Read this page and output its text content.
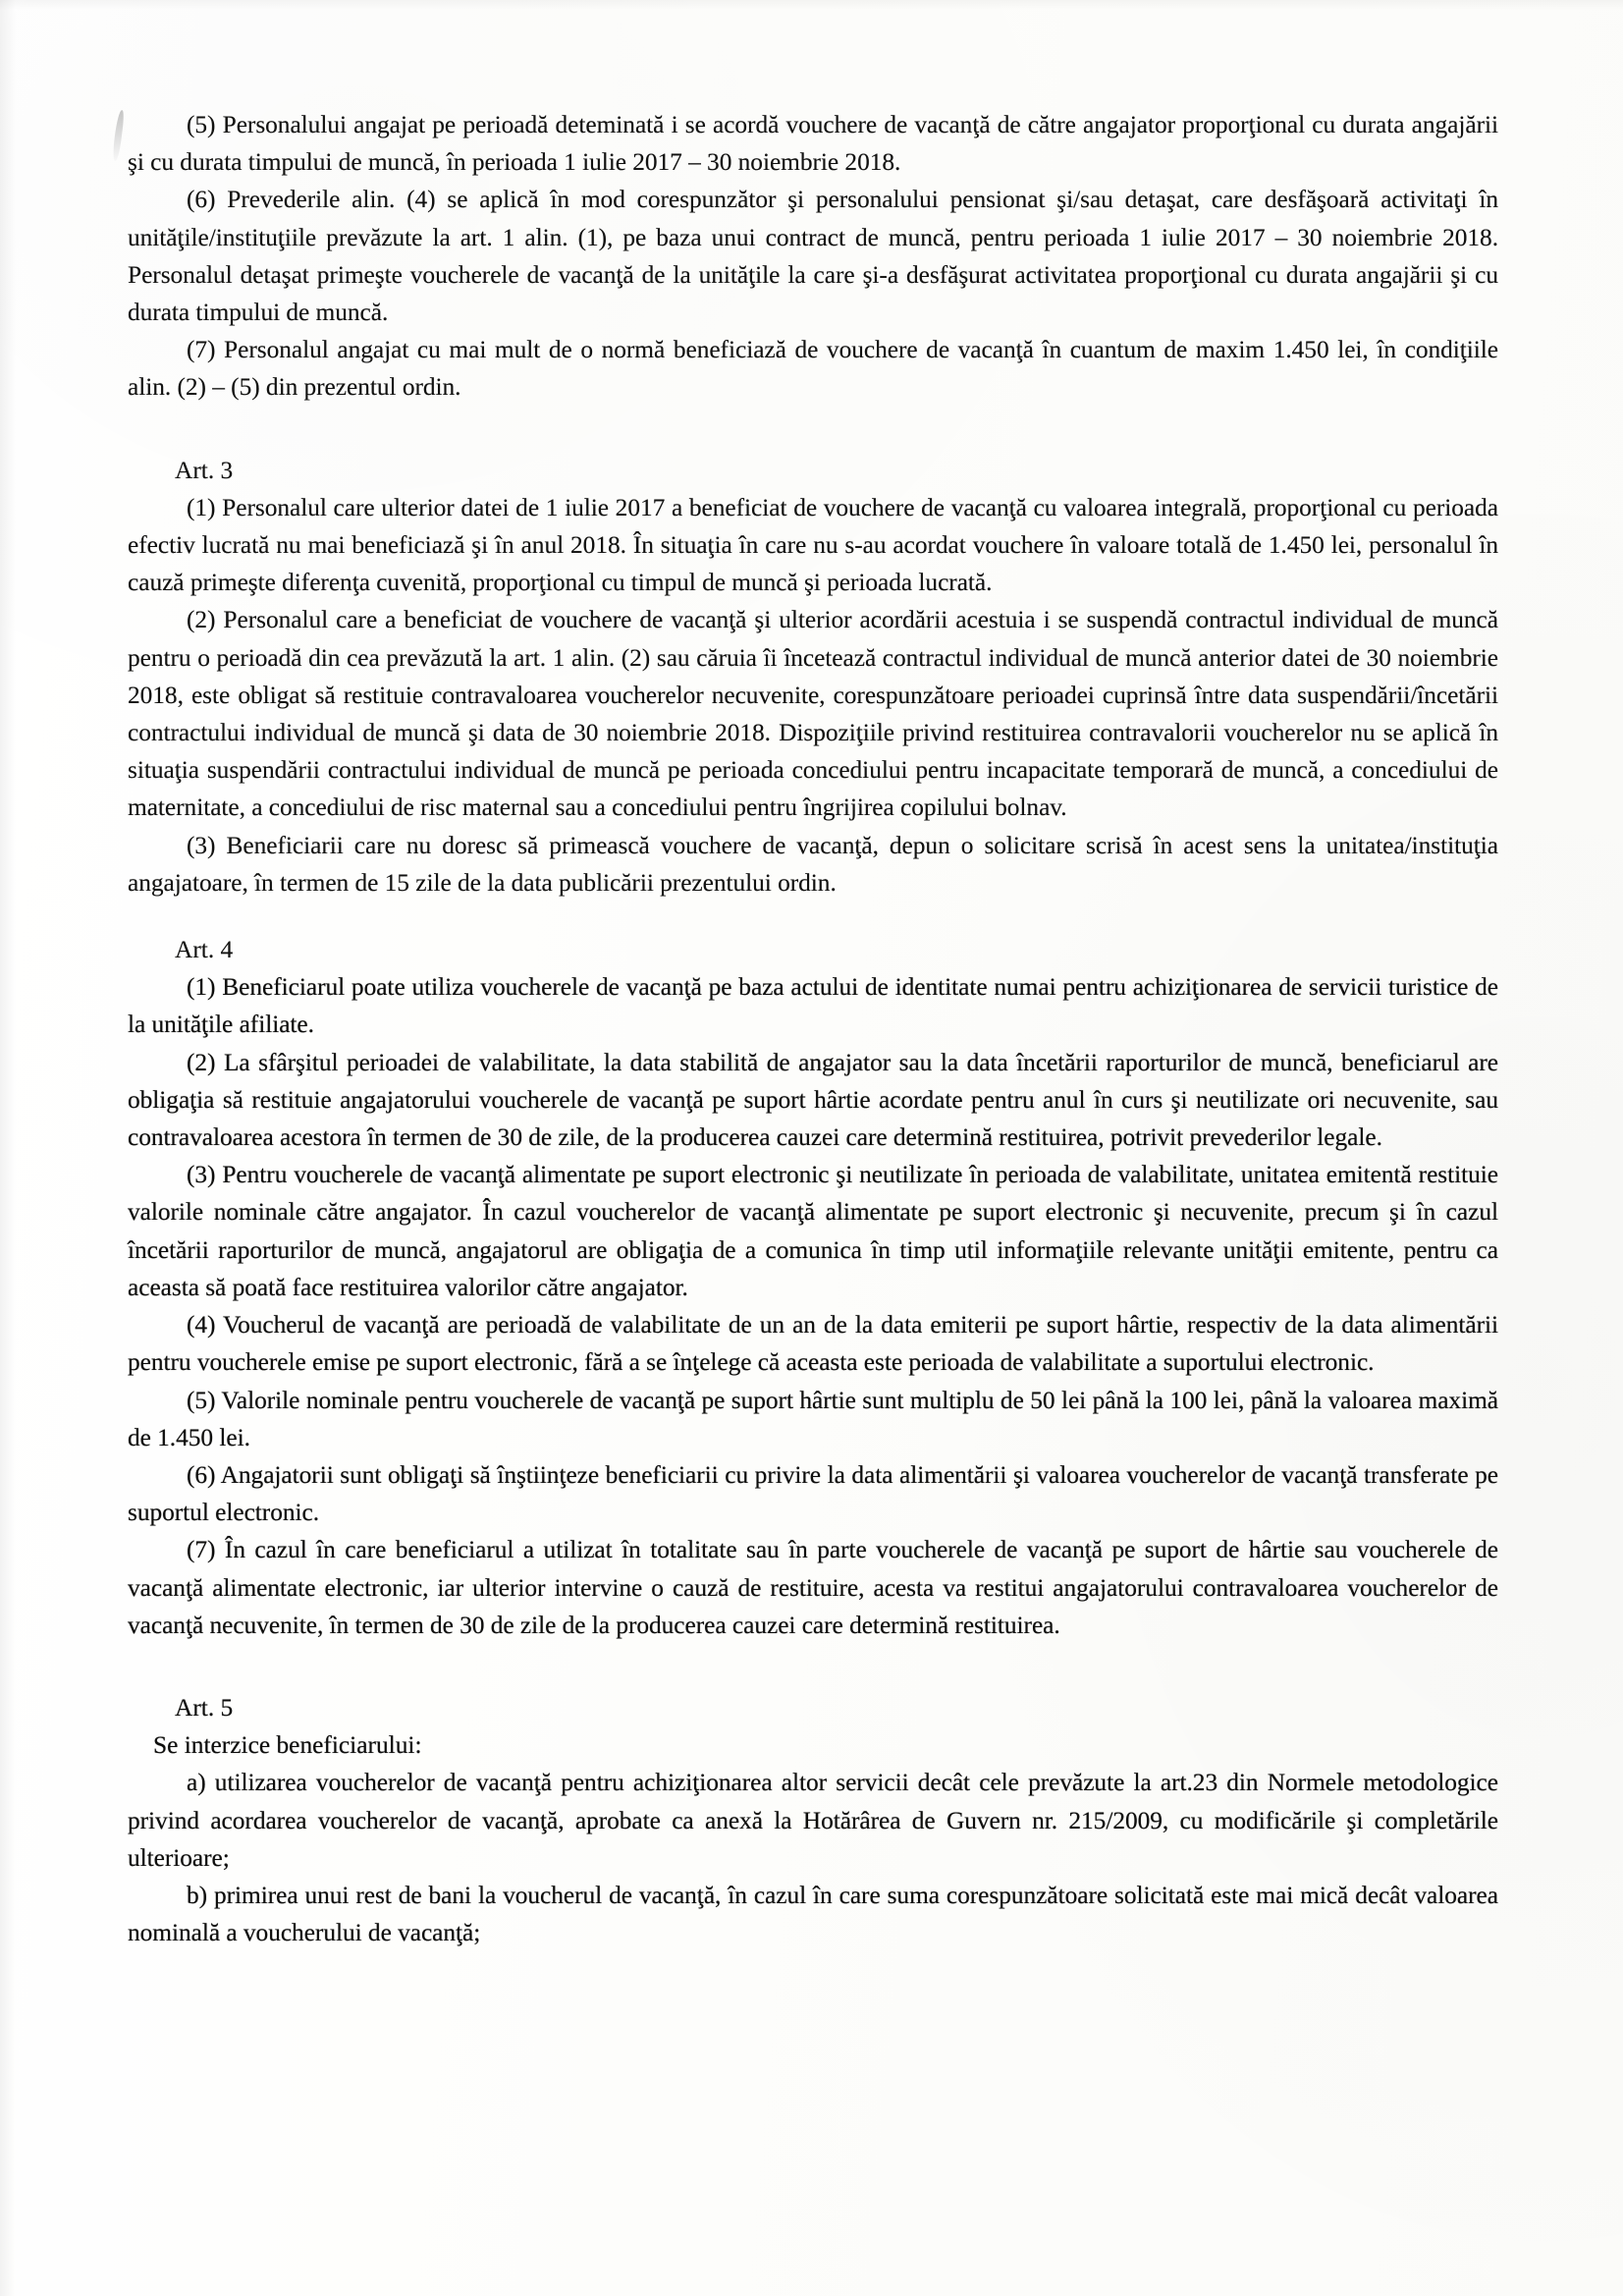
(5) Personalului angajat pe perioadă deteminată i se acordă vouchere de vacanţă de către angajator proporţional cu durata angajării şi cu durata timpului de muncă, în perioada 1 iulie 2017 – 30 noiembrie 2018.

(6) Prevederile alin. (4) se aplică în mod corespunzător şi personalului pensionat şi/sau detaşat, care desfăşoară activitaţi în unităţile/instituţiile prevăzute la art. 1 alin. (1), pe baza unui contract de muncă, pentru perioada 1 iulie 2017 – 30 noiembrie 2018. Personalul detaşat primeşte voucherele de vacanţă de la unităţile la care şi-a desfăşurat activitatea proporţional cu durata angajării şi cu durata timpului de muncă.

(7) Personalul angajat cu mai mult de o normă beneficiază de vouchere de vacanţă în cuantum de maxim 1.450 lei, în condiţiile alin. (2) – (5) din prezentul ordin.

Art. 3

(1) Personalul care ulterior datei de 1 iulie 2017 a beneficiat de vouchere de vacanţă cu valoarea integrală, proporţional cu perioada efectiv lucrată nu mai beneficiază şi în anul 2018. În situaţia în care nu s-au acordat vouchere în valoare totală de 1.450 lei, personalul în cauză primeşte diferenţa cuvenită, proporţional cu timpul de muncă şi perioada lucrată.

(2) Personalul care a beneficiat de vouchere de vacanţă şi ulterior acordării acestuia i se suspendă contractul individual de muncă pentru o perioadă din cea prevăzută la art. 1 alin. (2) sau căruia îi încetează contractul individual de muncă anterior datei de 30 noiembrie 2018, este obligat să restituie contravaloarea voucherelor necuvenite, corespunzătoare perioadei cuprinsă între data suspendării/încetării contractului individual de muncă şi data de 30 noiembrie 2018. Dispoziţiile privind restituirea contravalorii voucherelor nu se aplică în situaţia suspendării contractului individual de muncă pe perioada concediului pentru incapacitate temporară de muncă, a concediului de maternitate, a concediului de risc maternal sau a concediului pentru îngrijirea copilului bolnav.

(3) Beneficiarii care nu doresc să primească vouchere de vacanţă, depun o solicitare scrisă în acest sens la unitatea/instituţia angajatoare, în termen de 15 zile de la data publicării prezentului ordin.

Art. 4

(1) Beneficiarul poate utiliza voucherele de vacanţă pe baza actului de identitate numai pentru achiziţionarea de servicii turistice de la unităţile afiliate.

(2) La sfârşitul perioadei de valabilitate, la data stabilită de angajator sau la data încetării raporturilor de muncă, beneficiarul are obligaţia să restituie angajatorului voucherele de vacanţă pe suport hârtie acordate pentru anul în curs şi neutilizate ori necuvenite, sau contravaloarea acestora în termen de 30 de zile, de la producerea cauzei care determină restituirea, potrivit prevederilor legale.

(3) Pentru voucherele de vacanţă alimentate pe suport electronic şi neutilizate în perioada de valabilitate, unitatea emitentă restituie valorile nominale către angajator. În cazul voucherelor de vacanţă alimentate pe suport electronic şi necuvenite, precum şi în cazul încetării raporturilor de muncă, angajatorul are obligaţia de a comunica în timp util informaţiile relevante unităţii emitente, pentru ca aceasta să poată face restituirea valorilor către angajator.

(4) Voucherul de vacanţă are perioadă de valabilitate de un an de la data emiterii pe suport hârtie, respectiv de la data alimentării pentru voucherele emise pe suport electronic, fără a se înţelege că aceasta este perioada de valabilitate a suportului electronic.

(5) Valorile nominale pentru voucherele de vacanţă pe suport hârtie sunt multiplu de 50 lei până la 100 lei, până la valoarea maximă de 1.450 lei.

(6) Angajatorii sunt obligaţi să înştiinţeze beneficiarii cu privire la data alimentării şi valoarea voucherelor de vacanţă transferate pe suportul electronic.

(7) În cazul în care beneficiarul a utilizat în totalitate sau în parte voucherele de vacanţă pe suport de hârtie sau voucherele de vacanţă alimentate electronic, iar ulterior intervine o cauză de restituire, acesta va restitui angajatorului contravaloarea voucherelor de vacanţă necuvenite, în termen de 30 de zile de la producerea cauzei care determină restituirea.

Art. 5

Se interzice beneficiarului:

a) utilizarea voucherelor de vacanţă pentru achiziţionarea altor servicii decât cele prevăzute la art.23 din Normele metodologice privind acordarea voucherelor de vacanţă, aprobate ca anexă la Hotărârea de Guvern nr. 215/2009, cu modificările şi completările ulterioare;

b) primirea unui rest de bani la voucherul de vacanţă, în cazul în care suma corespunzătoare solicitată este mai mică decât valoarea nominală a voucherului de vacanţă;
